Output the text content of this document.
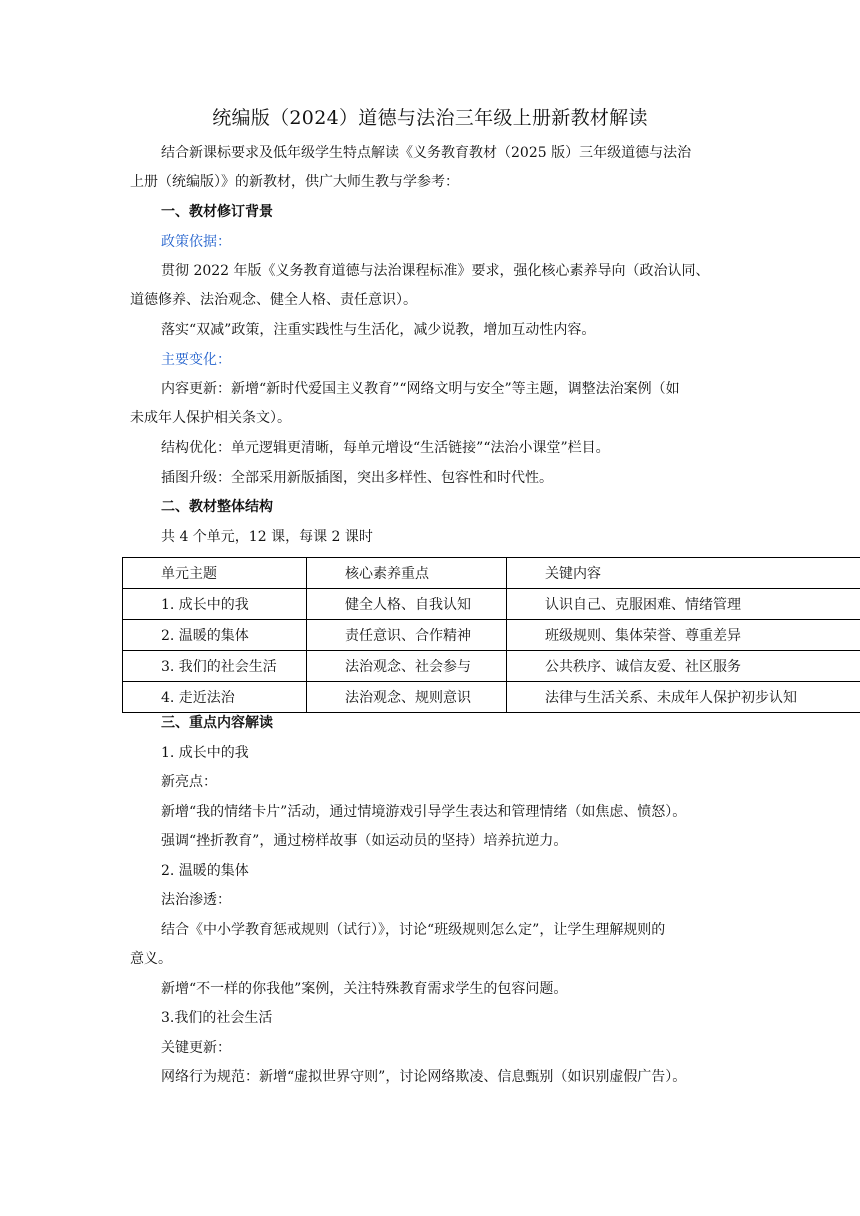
统编版（2024）道德与法治三年级上册新教材解读
结合新课标要求及低年级学生特点解读《义务教育教材（2025 版）三年级道德与法治
上册（统编版）》的新教材，供广大师生教与学参考：
一、教材修订背景
政策依据：
贯彻 2022 年版《义务教育道德与法治课程标准》要求，强化核心素养导向（政治认同、
道德修养、法治观念、健全人格、责任意识）。
落实“双减”政策，注重实践性与生活化，减少说教，增加互动性内容。
主要变化：
内容更新：新增“新时代爱国主义教育”“网络文明与安全”等主题，调整法治案例（如
未成年人保护相关条文）。
结构优化：单元逻辑更清晰，每单元增设“生活链接”“法治小课堂”栏目。
插图升级：全部采用新版插图，突出多样性、包容性和时代性。
二、教材整体结构
共 4 个单元，12 课，每课 2 课时
单元主题	核心素养重点	关键内容
1. 成长中的我	健全人格、自我认知	认识自己、克服困难、情绪管理
2. 温暖的集体	责任意识、合作精神	班级规则、集体荣誉、尊重差异
3. 我们的社会生活	法治观念、社会参与	公共秩序、诚信友爱、社区服务
4. 走近法治	法治观念、规则意识	法律与生活关系、未成年人保护初步认知
三、重点内容解读
1. 成长中的我
新亮点：
新增“我的情绪卡片”活动，通过情境游戏引导学生表达和管理情绪（如焦虑、愤怒）。
强调“挫折教育”，通过榜样故事（如运动员的坚持）培养抗逆力。
2. 温暖的集体
法治渗透：
结合《中小学教育惩戒规则（试行）》，讨论“班级规则怎么定”，让学生理解规则的
意义。
新增“不一样的你我他”案例，关注特殊教育需求学生的包容问题。
3.我们的社会生活
关键更新：
网络行为规范：新增“虚拟世界守则”，讨论网络欺凌、信息甄别（如识别虚假广告）。
